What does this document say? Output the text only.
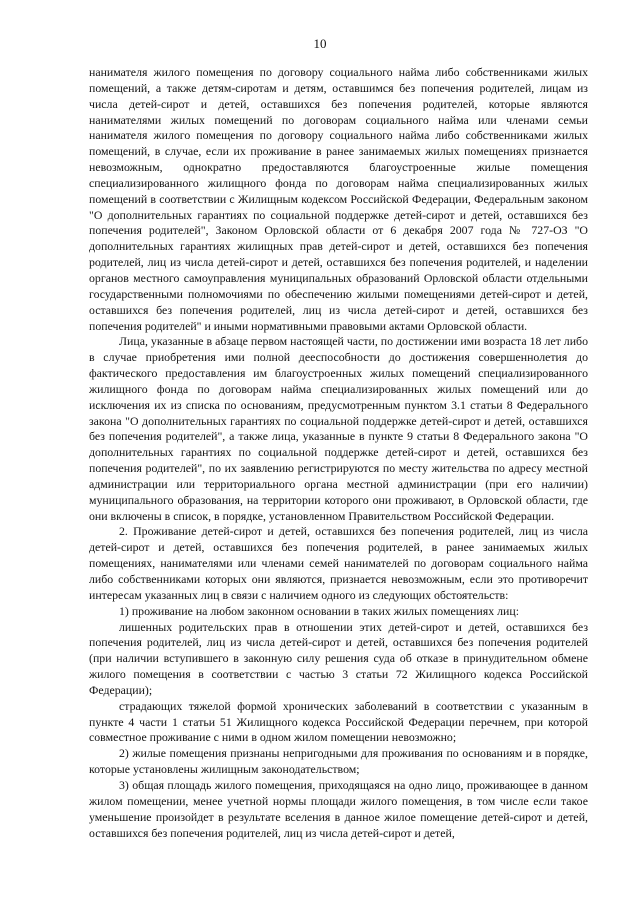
10

нанимателя жилого помещения по договору социального найма либо собственниками жилых помещений, а также детям-сиротам и детям, оставшимся без попечения родителей, лицам из числа детей-сирот и детей, оставшихся без попечения родителей, которые являются нанимателями жилых помещений по договорам социального найма или членами семьи нанимателя жилого помещения по договору социального найма либо собственниками жилых помещений, в случае, если их проживание в ранее занимаемых жилых помещениях признается невозможным, однократно предоставляются благоустроенные жилые помещения специализированного жилищного фонда по договорам найма специализированных жилых помещений в соответствии с Жилищным кодексом Российской Федерации, Федеральным законом "О дополнительных гарантиях по социальной поддержке детей-сирот и детей, оставшихся без попечения родителей", Законом Орловской области от 6 декабря 2007 года № 727-ОЗ "О дополнительных гарантиях жилищных прав детей-сирот и детей, оставшихся без попечения родителей, лиц из числа детей-сирот и детей, оставшихся без попечения родителей, и наделении органов местного самоуправления муниципальных образований Орловской области отдельными государственными полномочиями по обеспечению жилыми помещениями детей-сирот и детей, оставшихся без попечения родителей, лиц из числа детей-сирот и детей, оставшихся без попечения родителей" и иными нормативными правовыми актами Орловской области.

Лица, указанные в абзаце первом настоящей части, по достижении ими возраста 18 лет либо в случае приобретения ими полной дееспособности до достижения совершеннолетия до фактического предоставления им благоустроенных жилых помещений специализированного жилищного фонда по договорам найма специализированных жилых помещений или до исключения их из списка по основаниям, предусмотренным пунктом 3.1 статьи 8 Федерального закона "О дополнительных гарантиях по социальной поддержке детей-сирот и детей, оставшихся без попечения родителей", а также лица, указанные в пункте 9 статьи 8 Федерального закона "О дополнительных гарантиях по социальной поддержке детей-сирот и детей, оставшихся без попечения родителей", по их заявлению регистрируются по месту жительства по адресу местной администрации или территориального органа местной администрации (при его наличии) муниципального образования, на территории которого они проживают, в Орловской области, где они включены в список, в порядке, установленном Правительством Российской Федерации.

2. Проживание детей-сирот и детей, оставшихся без попечения родителей, лиц из числа детей-сирот и детей, оставшихся без попечения родителей, в ранее занимаемых жилых помещениях, нанимателями или членами семей нанимателей по договорам социального найма либо собственниками которых они являются, признается невозможным, если это противоречит интересам указанных лиц в связи с наличием одного из следующих обстоятельств:

1) проживание на любом законном основании в таких жилых помещениях лиц:

лишенных родительских прав в отношении этих детей-сирот и детей, оставшихся без попечения родителей, лиц из числа детей-сирот и детей, оставшихся без попечения родителей (при наличии вступившего в законную силу решения суда об отказе в принудительном обмене жилого помещения в соответствии с частью 3 статьи 72 Жилищного кодекса Российской Федерации);

страдающих тяжелой формой хронических заболеваний в соответствии с указанным в пункте 4 части 1 статьи 51 Жилищного кодекса Российской Федерации перечнем, при которой совместное проживание с ними в одном жилом помещении невозможно;

2) жилые помещения признаны непригодными для проживания по основаниям и в порядке, которые установлены жилищным законодательством;

3) общая площадь жилого помещения, приходящаяся на одно лицо, проживающее в данном жилом помещении, менее учетной нормы площади жилого помещения, в том числе если такое уменьшение произойдет в результате вселения в данное жилое помещение детей-сирот и детей, оставшихся без попечения родителей, лиц из числа детей-сирот и детей,
